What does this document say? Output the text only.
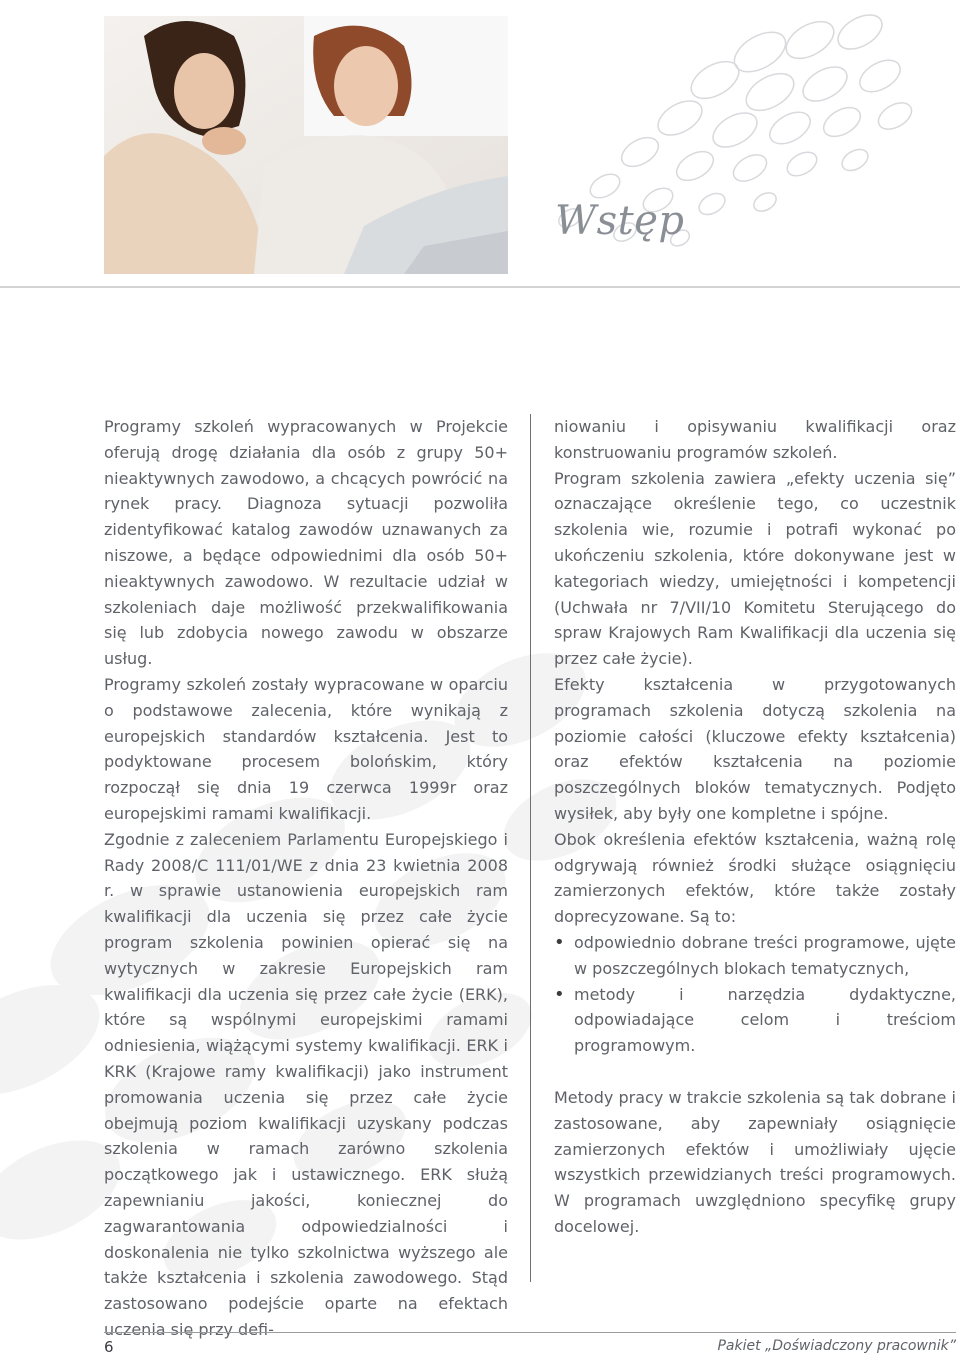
Wstęp

Programy szkoleń wypracowanych w Projekcie oferują drogę działania dla osób z grupy 50+ nieaktywnych zawodowo, a chcących powrócić na rynek pracy. Diagnoza sytuacji pozwoliła zidentyfikować katalog zawodów uznawanych za niszowe, a będące odpowiednimi dla osób 50+ nieaktywnych zawodowo. W rezultacie udział w szkoleniach daje możliwość przekwalifikowania się lub zdobycia nowego zawodu w obszarze usług.

Programy szkoleń zostały wypracowane w oparciu o podstawowe zalecenia, które wynikają z europejskich standardów kształcenia. Jest to podyktowane procesem bolońskim, który rozpoczął się dnia 19 czerwca 1999r oraz europejskimi ramami kwalifikacji.

Zgodnie z zaleceniem Parlamentu Europejskiego i Rady 2008/C 111/01/WE z dnia 23 kwietnia 2008 r. w sprawie ustanowienia europejskich ram kwalifikacji dla uczenia się przez całe życie program szkolenia powinien opierać się na wytycznych w zakresie Europejskich ram kwalifikacji dla uczenia się przez całe życie (ERK), które są wspólnymi europejskimi ramami odniesienia, wiążącymi systemy kwalifikacji. ERK i KRK (Krajowe ramy kwalifikacji) jako instrument promowania uczenia się przez całe życie obejmują poziom kwalifikacji uzyskany podczas szkolenia w ramach zarówno szkolenia początkowego jak i ustawicznego. ERK służą zapewnianiu jakości, koniecznej do zagwarantowania odpowiedzialności i doskonalenia nie tylko szkolnictwa wyższego ale także kształcenia i szkolenia zawodowego. Stąd zastosowano podejście oparte na efektach uczenia się przy defi-

niowaniu i opisywaniu kwalifikacji oraz konstruowaniu programów szkoleń.

Program szkolenia zawiera „efekty uczenia się” oznaczające określenie tego, co uczestnik szkolenia wie, rozumie i potrafi wykonać po ukończeniu szkolenia, które dokonywane jest w kategoriach wiedzy, umiejętności i kompetencji (Uchwała nr 7/VII/10 Komitetu Sterującego do spraw Krajowych Ram Kwalifikacji dla uczenia się przez całe życie).

Efekty kształcenia w przygotowanych programach szkolenia dotyczą szkolenia na poziomie całości (kluczowe efekty kształcenia) oraz efektów kształcenia na poziomie poszczególnych bloków tematycznych. Podjęto wysiłek, aby były one kompletne i spójne.

Obok określenia efektów kształcenia, ważną rolę odgrywają również środki służące osiągnięciu zamierzonych efektów, które także zostały doprecyzowane. Są to:

• odpowiednio dobrane treści programowe, ujęte w poszczególnych blokach tematycznych,
• metody i narzędzia dydaktyczne, odpowiadające celom i treściom programowym.

Metody pracy w trakcie szkolenia są tak dobrane i zastosowane, aby zapewniały osiągnięcie zamierzonych efektów i umożliwiały ujęcie wszystkich przewidzianych treści programowych. W programach uwzględniono specyfikę grupy docelowej.

6	Pakiet „Doświadczony pracownik”
